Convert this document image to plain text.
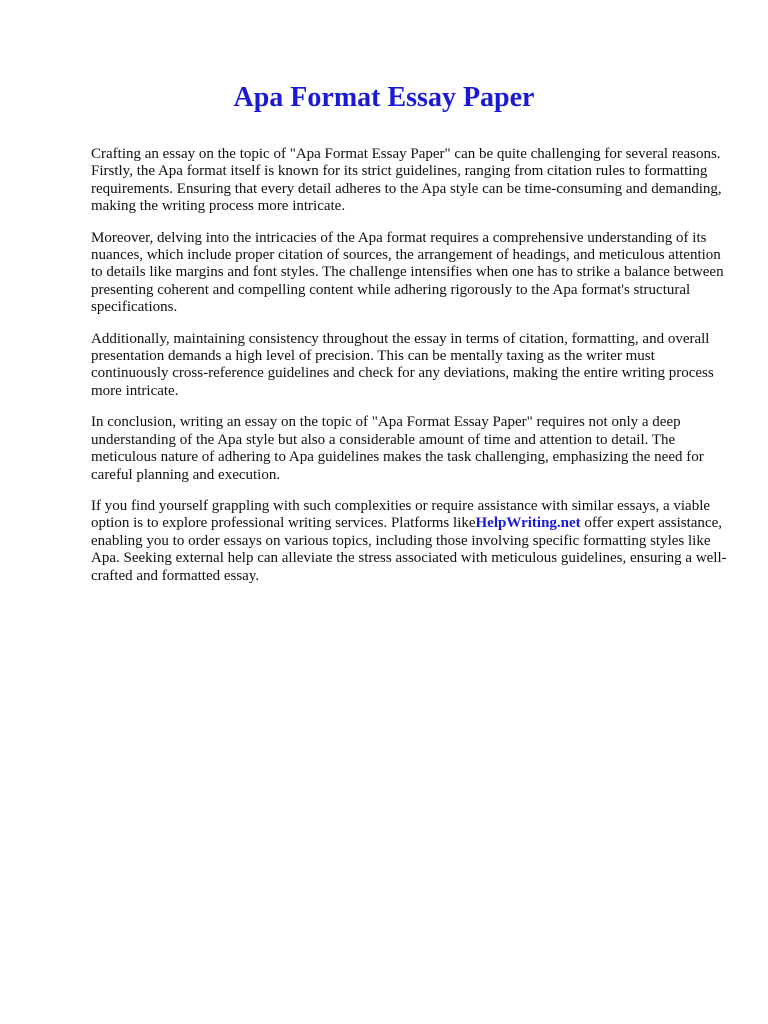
Apa Format Essay Paper

Crafting an essay on the topic of "Apa Format Essay Paper" can be quite challenging for several reasons. Firstly, the Apa format itself is known for its strict guidelines, ranging from citation rules to formatting requirements. Ensuring that every detail adheres to the Apa style can be time-consuming and demanding, making the writing process more intricate.

Moreover, delving into the intricacies of the Apa format requires a comprehensive understanding of its nuances, which include proper citation of sources, the arrangement of headings, and meticulous attention to details like margins and font styles. The challenge intensifies when one has to strike a balance between presenting coherent and compelling content while adhering rigorously to the Apa format's structural specifications.

Additionally, maintaining consistency throughout the essay in terms of citation, formatting, and overall presentation demands a high level of precision. This can be mentally taxing as the writer must continuously cross-reference guidelines and check for any deviations, making the entire writing process more intricate.

In conclusion, writing an essay on the topic of "Apa Format Essay Paper" requires not only a deep understanding of the Apa style but also a considerable amount of time and attention to detail. The meticulous nature of adhering to Apa guidelines makes the task challenging, emphasizing the need for careful planning and execution.

If you find yourself grappling with such complexities or require assistance with similar essays, a viable option is to explore professional writing services. Platforms likeHelpWriting.net offer expert assistance, enabling you to order essays on various topics, including those involving specific formatting styles like Apa. Seeking external help can alleviate the stress associated with meticulous guidelines, ensuring a well-crafted and formatted essay.
